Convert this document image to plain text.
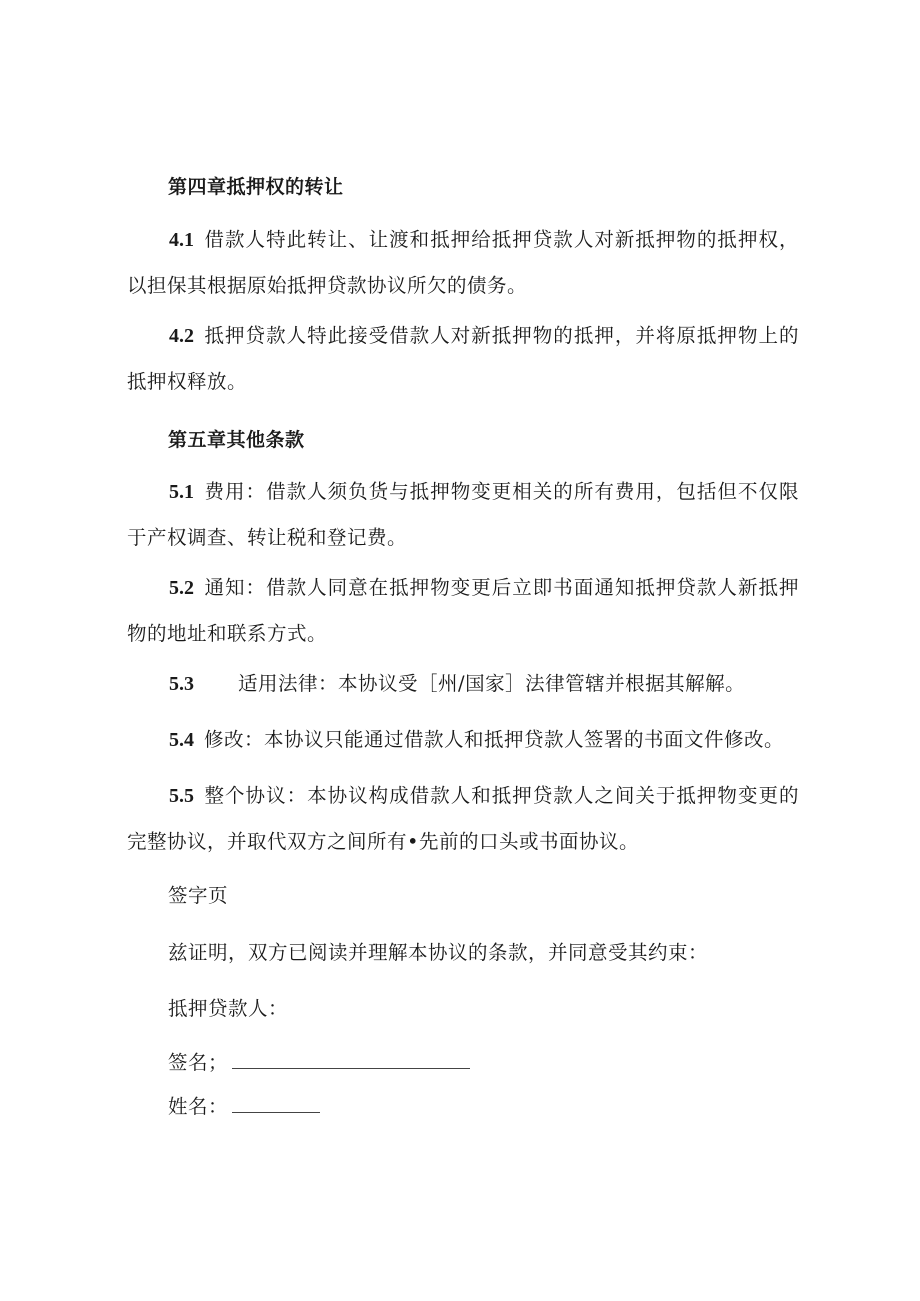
第四章抵押权的转让

4.1 借款人特此转让、让渡和抵押给抵押贷款人对新抵押物的抵押权，以担保其根据原始抵押贷款协议所欠的债务。

4.2 抵押贷款人特此接受借款人对新抵押物的抵押，并将原抵押物上的抵押权释放。

第五章其他条款

5.1 费用：借款人须负货与抵押物变更相关的所有费用，包括但不仅限于产权调查、转让税和登记费。

5.2 通知：借款人同意在抵押物变更后立即书面通知抵押贷款人新抵押物的地址和联系方式。

5.3 适用法律：本协议受［州/国家］法律管辖并根据其解解。

5.4 修改：本协议只能通过借款人和抵押贷款人签署的书面文件修改。

5.5 整个协议：本协议构成借款人和抵押贷款人之间关于抵押物变更的完整协议，并取代双方之间所有•先前的口头或书面协议。

签字页
兹证明，双方已阅读并理解本协议的条款，并同意受其约束：
抵押贷款人：
签名；
姓名：
